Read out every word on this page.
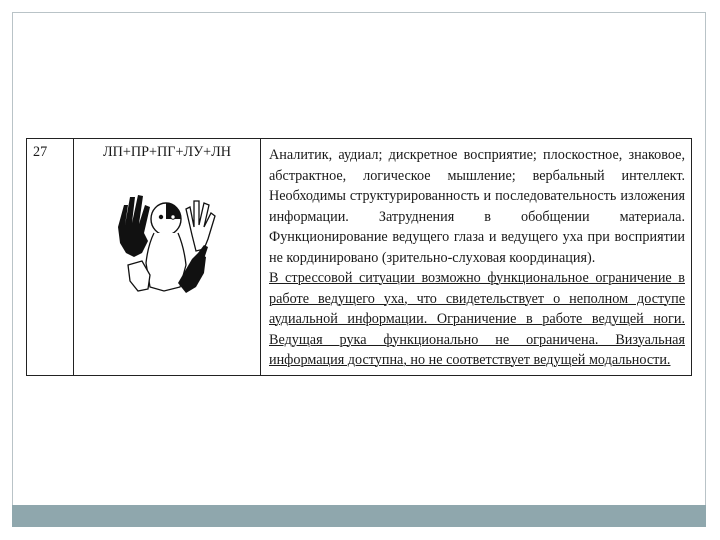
27	ЛП+ПР+ПГ+ЛУ+ЛН	Аналитик, аудиал; дискретное восприятие; плоскостное, знаковое, абстрактное, логическое мышление; вербальный интеллект. Необходимы структурированность и последовательность изложения информации. Затруднения в обобщении материала. Функционирование ведущего глаза и ведущего уха при восприятии не кординировано (зрительно-слуховая координация).
В стрессовой ситуации возможно функциональное ограничение в работе ведущего уха, что свидетельствует о неполном доступе аудиальной информации. Ограничение в работе ведущей ноги. Ведущая рука функционально не ограничена. Визуальная информация доступна, но не соответствует ведущей модальности.
